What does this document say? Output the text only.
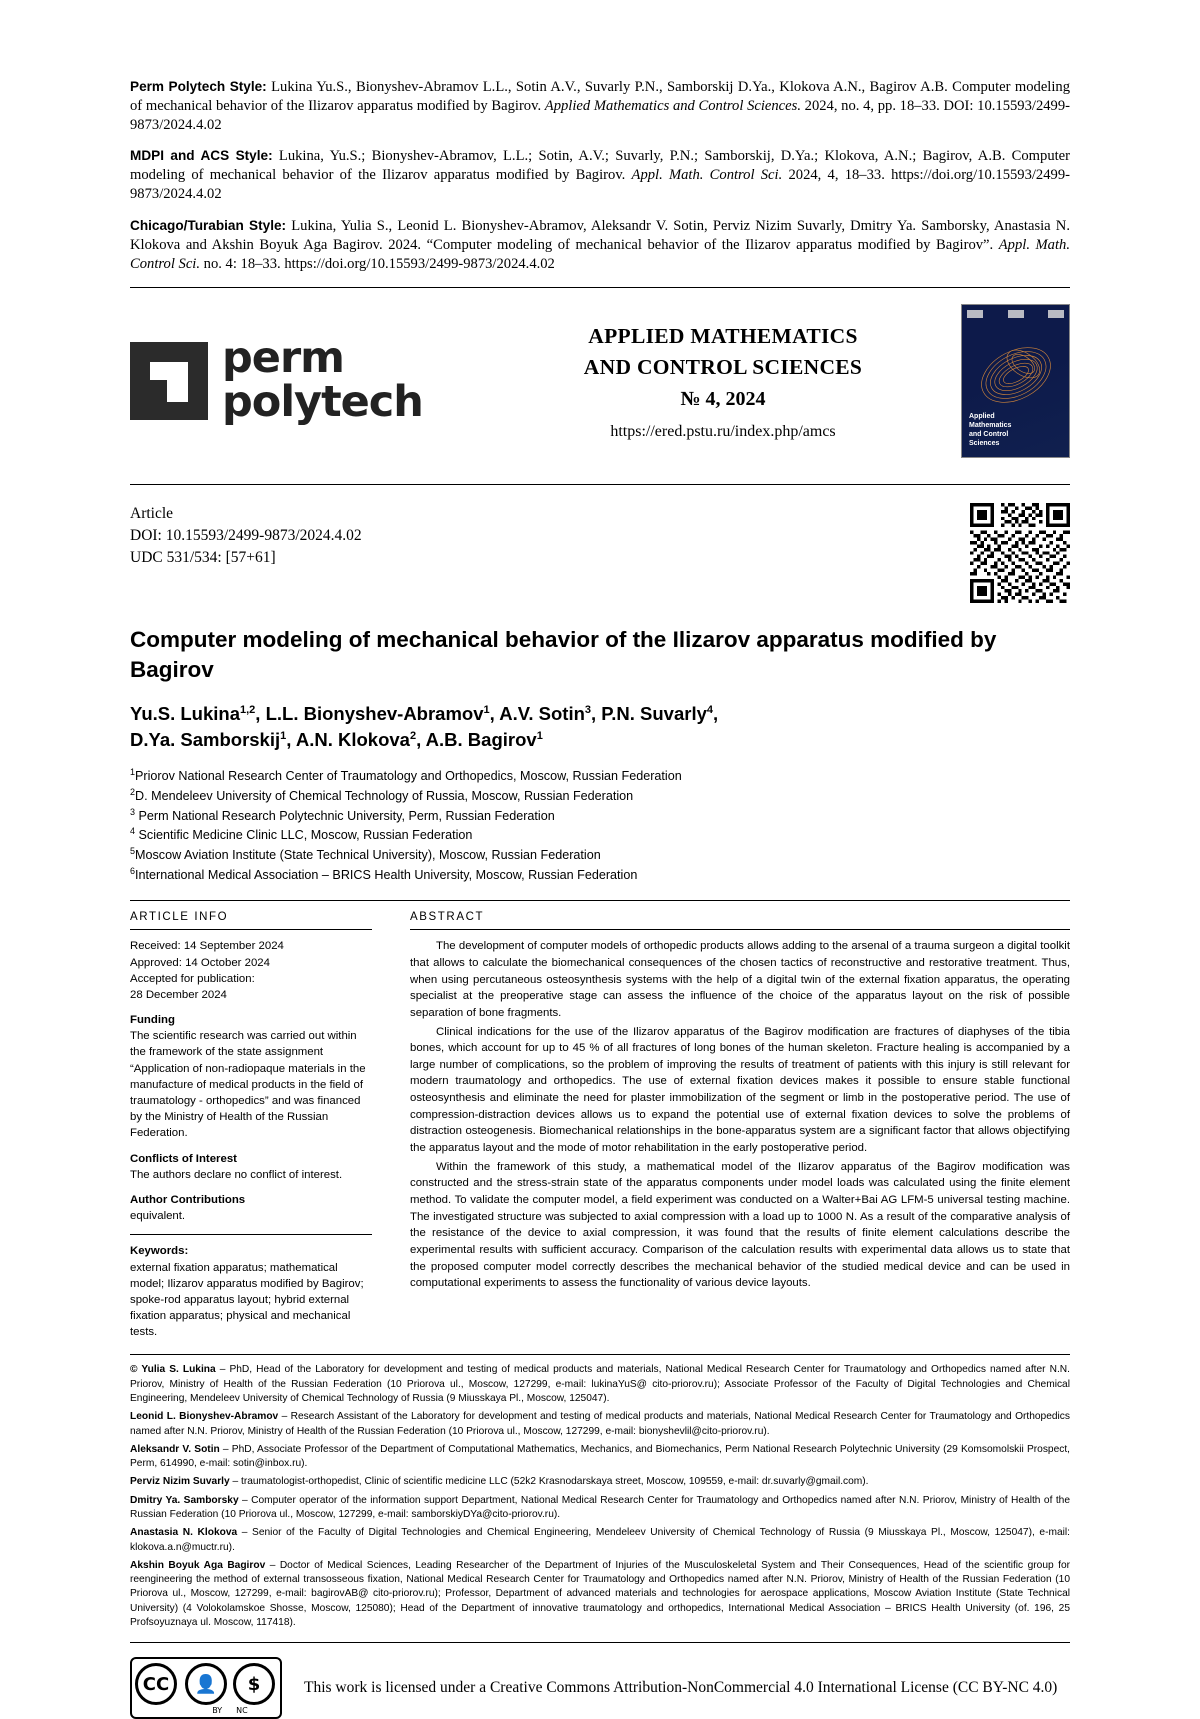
Perm Polytech Style: Lukina Yu.S., Bionyshev-Abramov L.L., Sotin A.V., Suvarly P.N., Samborskij D.Ya., Klokova A.N., Bagirov A.B. Computer modeling of mechanical behavior of the Ilizarov apparatus modified by Bagirov. Applied Mathematics and Control Sciences. 2024, no. 4, pp. 18–33. DOI: 10.15593/2499-9873/2024.4.02
MDPI and ACS Style: Lukina, Yu.S.; Bionyshev-Abramov, L.L.; Sotin, A.V.; Suvarly, P.N.; Samborskij, D.Ya.; Klokova, A.N.; Bagirov, A.B. Computer modeling of mechanical behavior of the Ilizarov apparatus modified by Bagirov. Appl. Math. Control Sci. 2024, 4, 18–33. https://doi.org/10.15593/2499-9873/2024.4.02
Chicago/Turabian Style: Lukina, Yulia S., Leonid L. Bionyshev-Abramov, Aleksandr V. Sotin, Perviz Nizim Suvarly, Dmitry Ya. Samborsky, Anastasia N. Klokova and Akshin Boyuk Aga Bagirov. 2024. “Computer modeling of mechanical behavior of the Ilizarov apparatus modified by Bagirov”. Appl. Math. Control Sci. no. 4: 18–33. https://doi.org/10.15593/2499-9873/2024.4.02
perm
polytech
APPLIED MATHEMATICS
AND CONTROL SCIENCES
№ 4, 2024
https://ered.pstu.ru/index.php/amcs
Applied
Mathematics
and Control
Sciences
Article
DOI: 10.15593/2499-9873/2024.4.02
UDC 531/534: [57+61]
Computer modeling of mechanical behavior of the Ilizarov apparatus modified by Bagirov
Yu.S. Lukina$^{1,2}$, L.L. Bionyshev-Abramov$^1$, A.V. Sotin$^3$, P.N. Suvarly$^4$,
D.Ya. Samborskij$^1$, A.N. Klokova$^2$, A.B. Bagirov$^1$
$^1$Priorov National Research Center of Traumatology and Orthopedics, Moscow, Russian Federation
$^2$D. Mendeleev University of Chemical Technology of Russia, Moscow, Russian Federation
$^3$ Perm National Research Polytechnic University, Perm, Russian Federation
$^4$ Scientific Medicine Clinic LLC, Moscow, Russian Federation
$^5$Moscow Aviation Institute (State Technical University), Moscow, Russian Federation
$^6$International Medical Association – BRICS Health University, Moscow, Russian Federation
ARTICLE INFO
Received: 14 September 2024
Approved: 14 October 2024
Accepted for publication:
28 December 2024
Funding
The scientific research was carried out within the framework of the state assignment “Application of non-radiopaque materials in the manufacture of medical products in the field of traumatology - orthopedics” and was financed by the Ministry of Health of the Russian Federation.
Conflicts of Interest
The authors declare no conflict of interest.
Author Contributions
equivalent.
Keywords:
external fixation apparatus; mathematical model; Ilizarov apparatus modified by Bagirov; spoke-rod apparatus layout; hybrid external fixation apparatus; physical and mechanical tests.
ABSTRACT
The development of computer models of orthopedic products allows adding to the arsenal of a trauma surgeon a digital toolkit that allows to calculate the biomechanical consequences of the chosen tactics of reconstructive and restorative treatment. Thus, when using percutaneous osteosynthesis systems with the help of a digital twin of the external fixation apparatus, the operating specialist at the preoperative stage can assess the influence of the choice of the apparatus layout on the risk of possible separation of bone fragments.
Clinical indications for the use of the Ilizarov apparatus of the Bagirov modification are fractures of diaphyses of the tibia bones, which account for up to 45 % of all fractures of long bones of the human skeleton. Fracture healing is accompanied by a large number of complications, so the problem of improving the results of treatment of patients with this injury is still relevant for modern traumatology and orthopedics. The use of external fixation devices makes it possible to ensure stable functional osteosynthesis and eliminate the need for plaster immobilization of the segment or limb in the postoperative period. The use of compression-distraction devices allows us to expand the potential use of external fixation devices to solve the problems of distraction osteogenesis. Biomechanical relationships in the bone-apparatus system are a significant factor that allows objectifying the apparatus layout and the mode of motor rehabilitation in the early postoperative period.
Within the framework of this study, a mathematical model of the Ilizarov apparatus of the Bagirov modification was constructed and the stress-strain state of the apparatus components under model loads was calculated using the finite element method. To validate the computer model, a field experiment was conducted on a Walter+Bai AG LFM-5 universal testing machine. The investigated structure was subjected to axial compression with a load up to 1000 N. As a result of the comparative analysis of the resistance of the device to axial compression, it was found that the results of finite element calculations describe the experimental results with sufficient accuracy. Comparison of the calculation results with experimental data allows us to state that the proposed computer model correctly describes the mechanical behavior of the studied medical device and can be used in computational experiments to assess the functionality of various device layouts.
© Yulia S. Lukina – PhD, Head of the Laboratory for development and testing of medical products and materials, National Medical Research Center for Traumatology and Orthopedics named after N.N. Priorov, Ministry of Health of the Russian Federation (10 Priorova ul., Moscow, 127299, e-mail: lukinaYuS@ cito-priorov.ru); Associate Professor of the Faculty of Digital Technologies and Chemical Engineering, Mendeleev University of Chemical Technology of Russia (9 Miusskaya Pl., Moscow, 125047).
Leonid L. Bionyshev-Abramov – Research Assistant of the Laboratory for development and testing of medical products and materials, National Medical Research Center for Traumatology and Orthopedics named after N.N. Priorov, Ministry of Health of the Russian Federation (10 Priorova ul., Moscow, 127299, e-mail: bionyshevlil@cito-priorov.ru).
Aleksandr V. Sotin – PhD, Associate Professor of the Department of Computational Mathematics, Mechanics, and Biomechanics, Perm National Research Polytechnic University (29 Komsomolskii Prospect, Perm, 614990, e-mail: sotin@inbox.ru).
Perviz Nizim Suvarly – traumatologist-orthopedist, Clinic of scientific medicine LLC (52k2 Krasnodarskaya street, Moscow, 109559, e-mail: dr.suvarly@gmail.com).
Dmitry Ya. Samborsky – Computer operator of the information support Department, National Medical Research Center for Traumatology and Orthopedics named after N.N. Priorov, Ministry of Health of the Russian Federation (10 Priorova ul., Moscow, 127299, e-mail: samborskiyDYa@cito-priorov.ru).
Anastasia N. Klokova – Senior of the Faculty of Digital Technologies and Chemical Engineering, Mendeleev University of Chemical Technology of Russia (9 Miusskaya Pl., Moscow, 125047), e-mail: klokova.a.n@muctr.ru).
Akshin Boyuk Aga Bagirov – Doctor of Medical Sciences, Leading Researcher of the Department of Injuries of the Musculoskeletal System and Their Consequences, Head of the scientific group for reengineering the method of external transosseous fixation, National Medical Research Center for Traumatology and Orthopedics named after N.N. Priorov, Ministry of Health of the Russian Federation (10 Priorova ul., Moscow, 127299, e-mail: bagirovAB@ cito-priorov.ru); Professor, Department of advanced materials and technologies for aerospace applications, Moscow Aviation Institute (State Technical University) (4 Volokolamskoe Shosse, Moscow, 125080); Head of the Department of innovative traumatology and orthopedics, International Medical Association – BRICS Health University (of. 196, 25 Profsoyuznaya ul. Moscow, 117418).
CC	👤	$
BY NC
This work is licensed under a Creative Commons Attribution-NonCommercial 4.0 International License (CC BY-NC 4.0)
